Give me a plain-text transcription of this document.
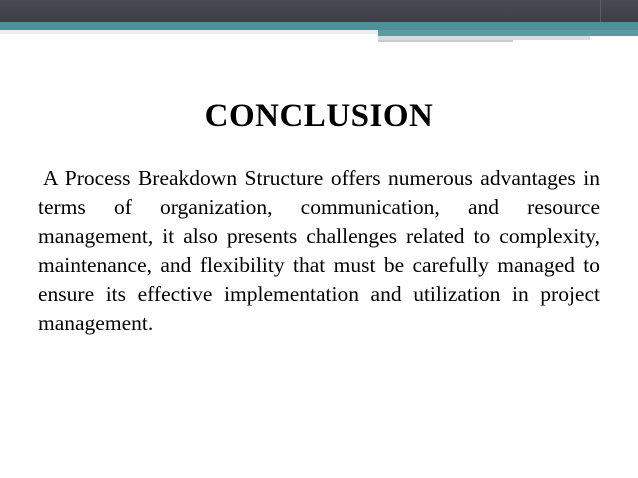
CONCLUSION

A Process Breakdown Structure offers numerous advantages in terms of organization, communication, and resource management, it also presents challenges related to complexity, maintenance, and flexibility that must be carefully managed to ensure its effective implementation and utilization in project management.
